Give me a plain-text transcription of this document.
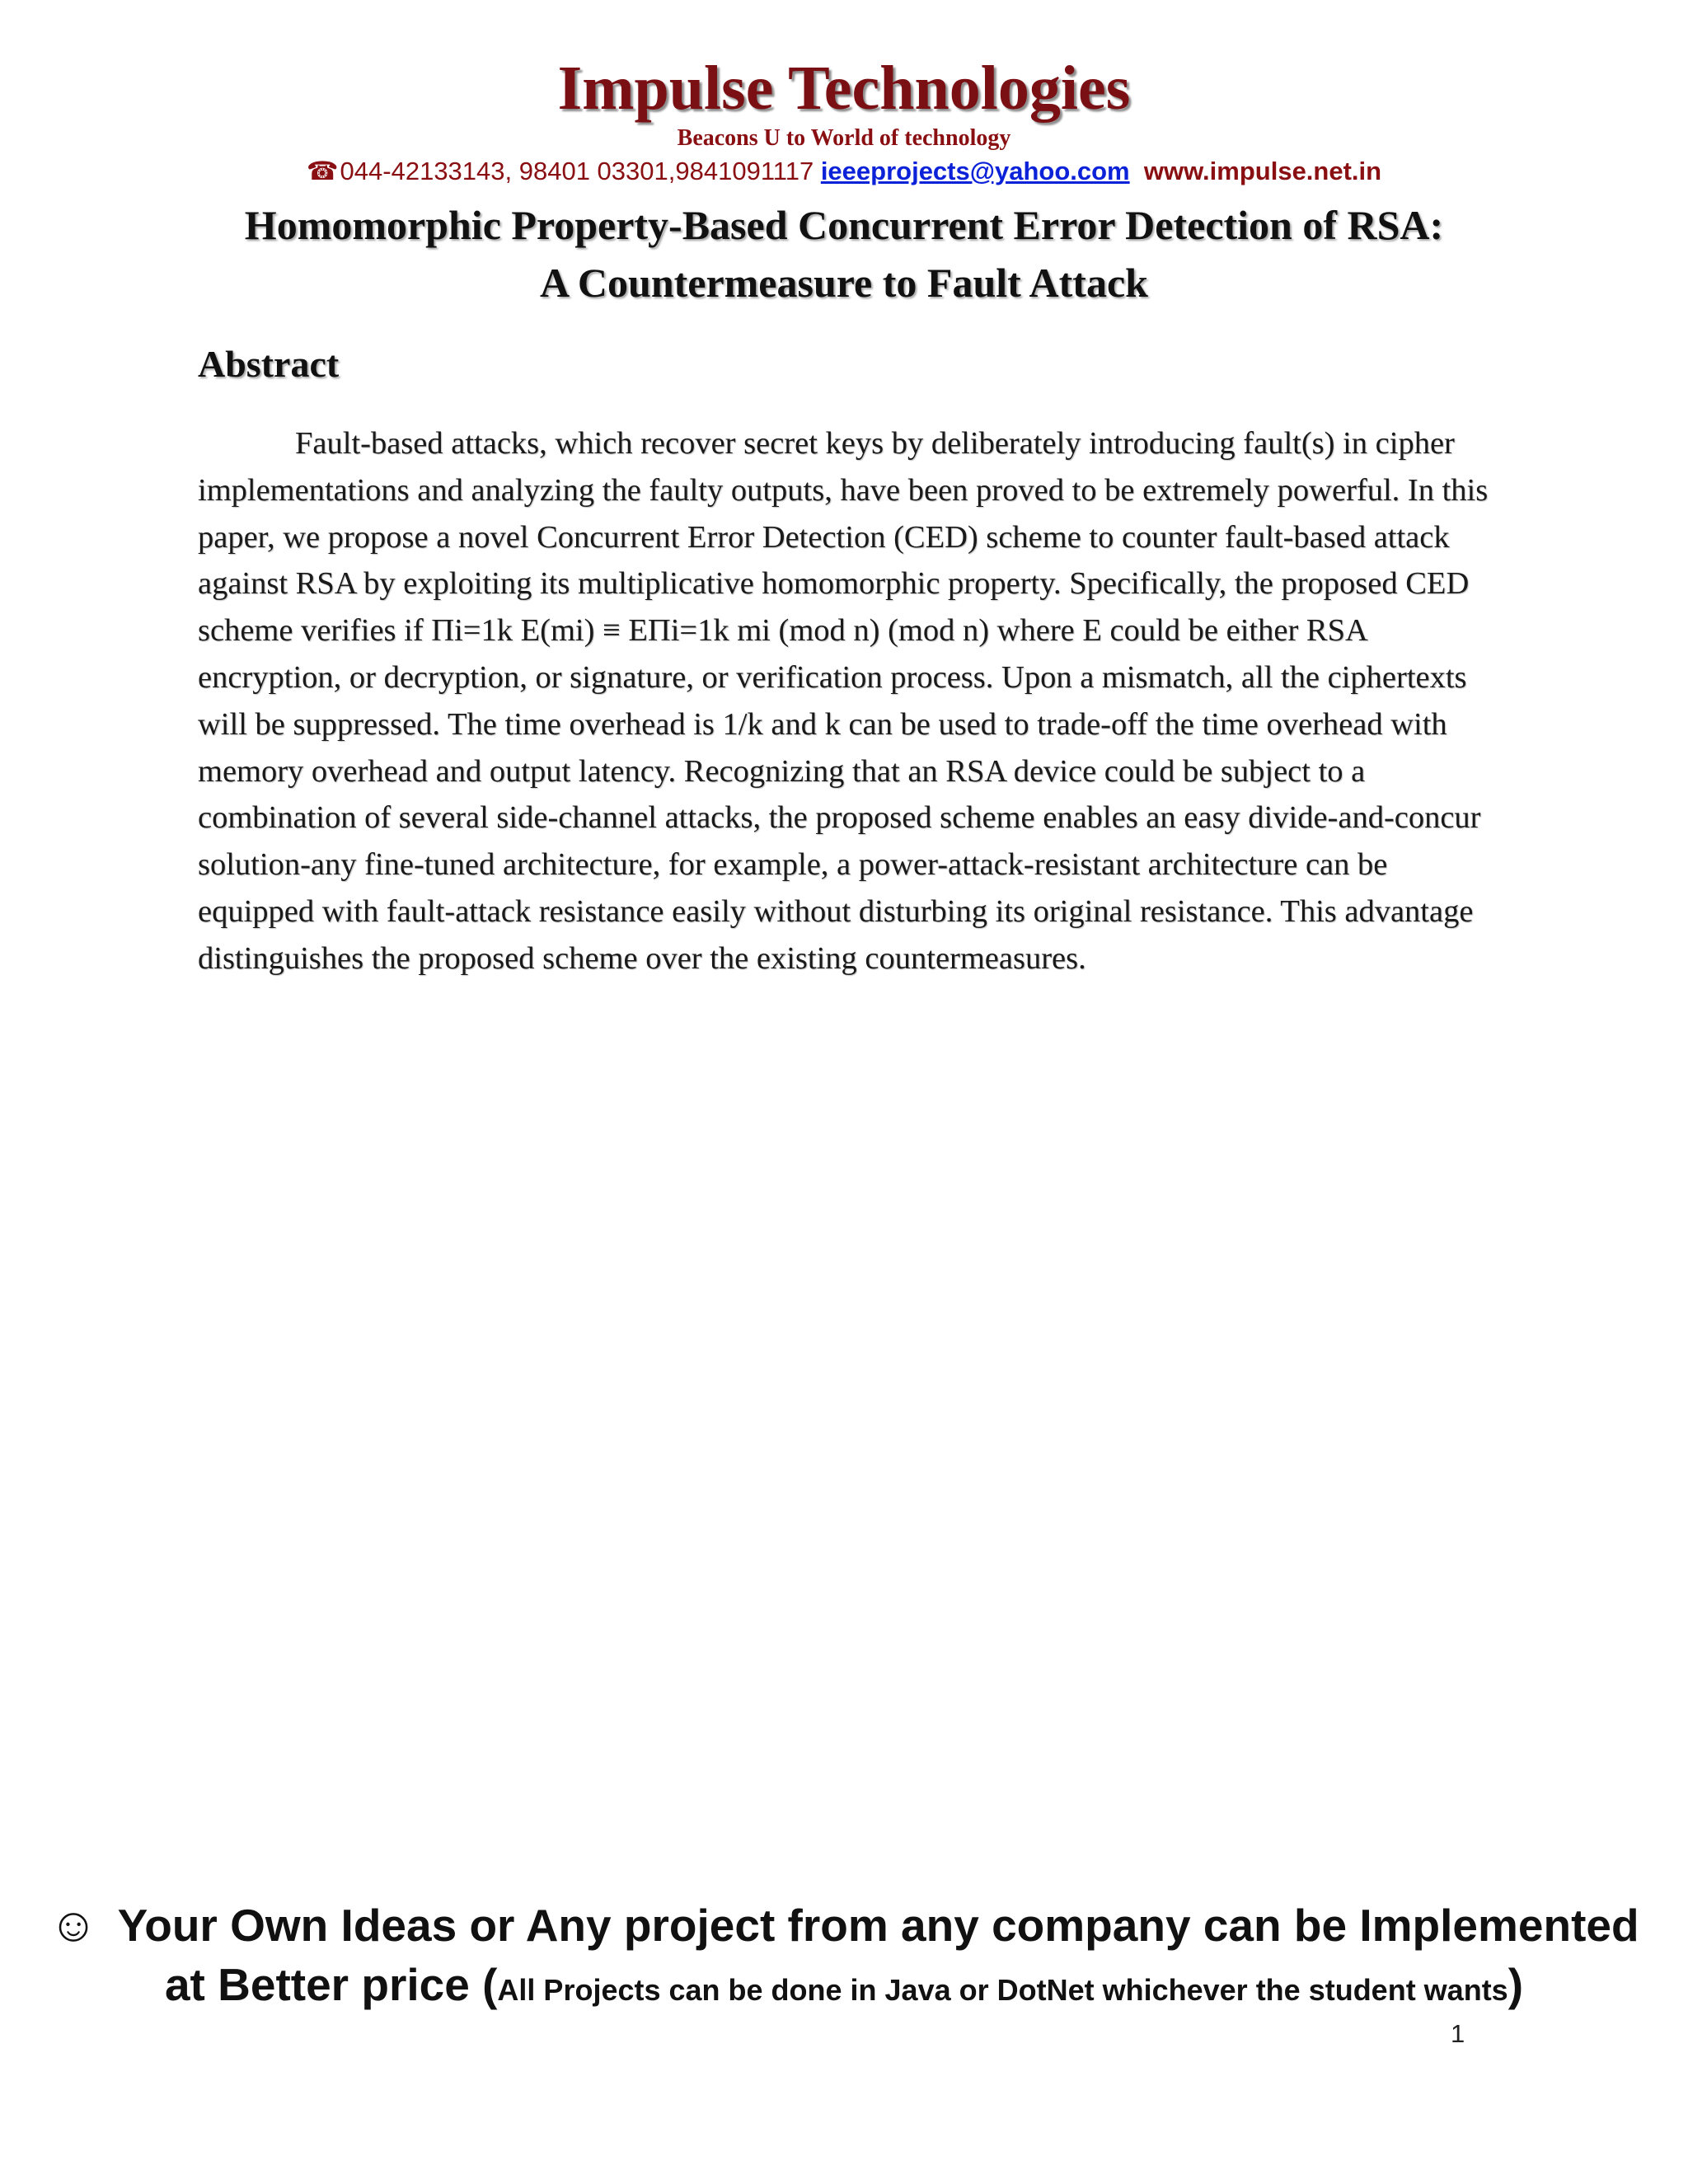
Impulse Technologies
Beacons U to World of technology
☎044-42133143, 98401 03301,9841091117 ieeeprojects@yahoo.com www.impulse.net.in
Homomorphic Property-Based Concurrent Error Detection of RSA:
A Countermeasure to Fault Attack
Abstract
Fault-based attacks, which recover secret keys by deliberately introducing fault(s) in cipher implementations and analyzing the faulty outputs, have been proved to be extremely powerful. In this paper, we propose a novel Concurrent Error Detection (CED) scheme to counter fault-based attack against RSA by exploiting its multiplicative homomorphic property. Specifically, the proposed CED scheme verifies if Πi=1k E(mi) ≡ EΠi=1k mi (mod n) (mod n) where E could be either RSA encryption, or decryption, or signature, or verification process. Upon a mismatch, all the ciphertexts will be suppressed. The time overhead is 1/k and k can be used to trade-off the time overhead with memory overhead and output latency. Recognizing that an RSA device could be subject to a combination of several side-channel attacks, the proposed scheme enables an easy divide-and-concur solution-any fine-tuned architecture, for example, a power-attack-resistant architecture can be equipped with fault-attack resistance easily without disturbing its original resistance. This advantage distinguishes the proposed scheme over the existing countermeasures.
☺ Your Own Ideas or Any project from any company can be Implemented
at Better price (All Projects can be done in Java or DotNet whichever the student wants)
1
